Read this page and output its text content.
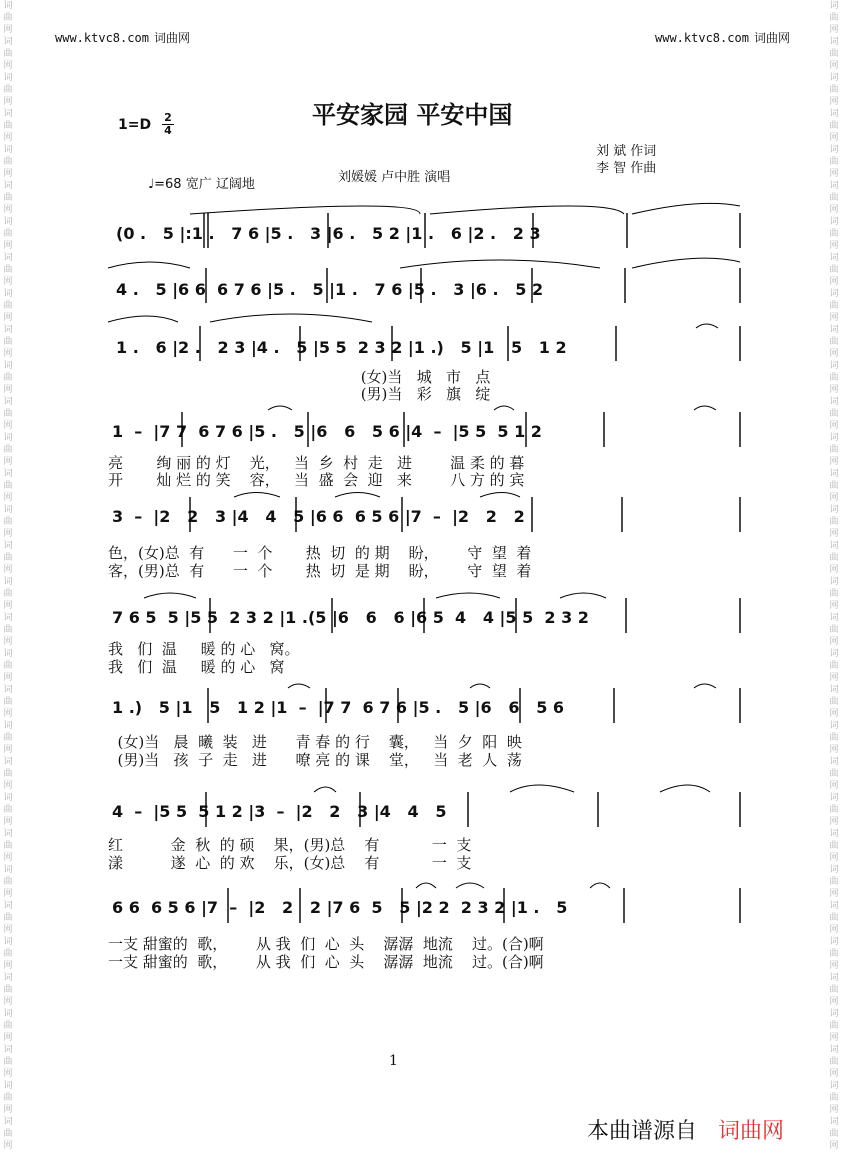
词曲网词曲网词曲网词曲网词曲网词曲网词曲网词曲网词曲网词曲网词曲网词曲网词曲网词曲网词曲网词曲网词曲网词曲网词曲网词曲网词曲网词曲网词曲网词曲网词曲网词曲网词曲网词曲网词曲网词曲网词曲网词曲网
词曲网词曲网词曲网词曲网词曲网词曲网词曲网词曲网词曲网词曲网词曲网词曲网词曲网词曲网词曲网词曲网词曲网词曲网词曲网词曲网词曲网词曲网词曲网词曲网词曲网词曲网词曲网词曲网词曲网词曲网词曲网词曲网
www.ktvc8.com 词曲网	www.ktvc8.com 词曲网
平安家园 平安中国
1=D 2
4
刘 斌 作词
李 智 作曲
刘媛媛 卢中胜 演唱
♩=68 宽广 辽阔地
(0 .   5 |:1 .   7 6 |5 .   3 |6 .   5 2 |1 .   6 |2 .   2 3
4 .   5 |6 6  6 7 6 |5 .   5 |1 .   7 6 |5 .   3 |6 .   5 2
1 .   6 |2 .   2 3 |4 .   5 |5 5  2 3 2 |1 .)   5 |1   5   1 2
1  –  |7 7  6 7 6 |5 .   5 |6   6   5 6 |4  –  |5 5  5 1 2
3  –  |2   2   3 |4   4   5 |6 6  6 5 6 |7  –  |2   2   2
7 6 5  5 |5 5  2 3 2 |1 .(5 |6   6   6 |6 5  4   4 |5 5  2 3 2
1 .)   5 |1   5   1 2 |1  –  |7 7  6 7 6 |5 .   5 |6   6   5 6
4  –  |5 5  5 1 2 |3  –  |2   2   3 |4   4   5
6 6  6 5 6 |7  –  |2   2   2 |7 6  5   5 |2 2  2 3 2 |1 .   5
(女)当   城   市   点
(男)当   彩   旗   绽
亮       绚 丽 的 灯    光，   当  乡  村  走   进        温 柔 的 暮
开       灿 烂 的 笑    容，   当  盛  会  迎   来        八 方 的 宾
色，(女)总  有      一  个       热  切  的 期    盼，      守  望  着
客，(男)总  有      一  个       热  切  是 期    盼，      守  望  着
我   们  温     暖 的 心   窝。
我   们  温     暖 的 心   窝
(女)当   晨  曦  装   进      青 春 的 行    囊，   当  夕  阳  映
(男)当   孩  子  走   进      嘹 亮 的 课    堂，   当  老  人  荡
红          金  秋  的 硕    果，(男)总    有           一  支
漾          遂  心  的 欢    乐，(女)总    有           一  支
一支 甜蜜的  歌，      从 我  们  心  头    潺潺  地流    过。(合)啊
一支 甜蜜的  歌，      从 我  们  心  头    潺潺  地流    过。(合)啊
1
本曲谱源自 词曲网
